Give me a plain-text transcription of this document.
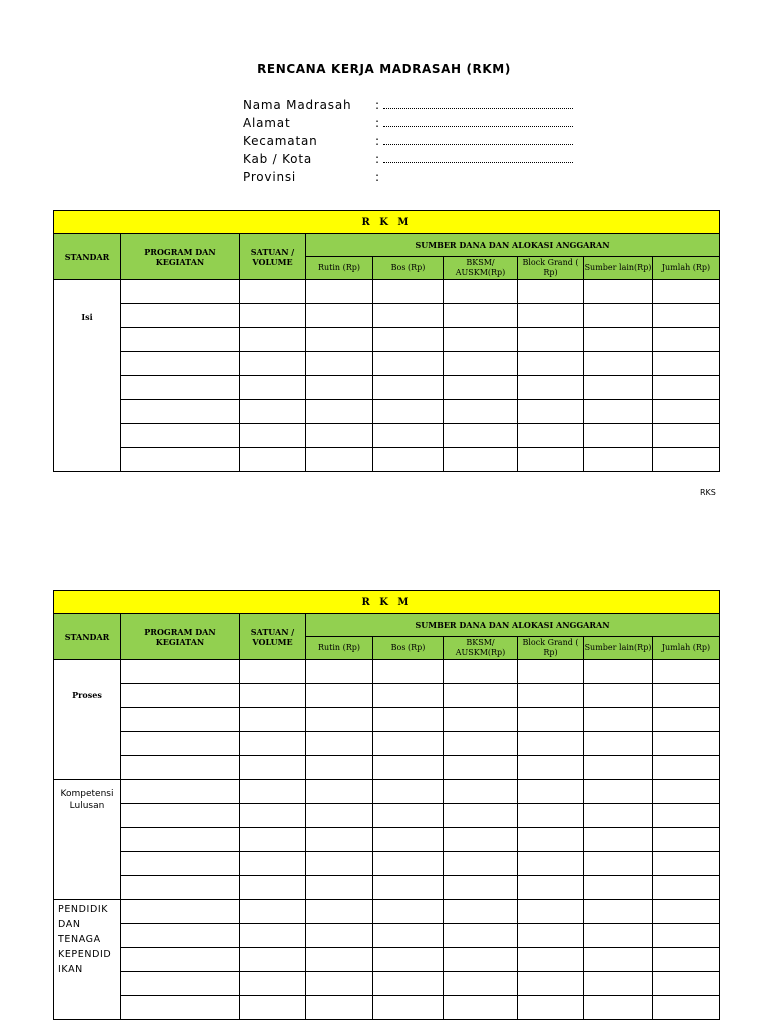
RENCANA KERJA MADRASAH (RKM)
Nama Madrasah :
Alamat	:
Kecamatan	:
Kab / Kota	:
Provinsi	:
R K M								
STANDAR	PROGRAM DAN KEGIATAN	SATUAN / VOLUME	SUMBER DANA DAN ALOKASI ANGGARAN					
			Rutin (Rp)	Bos (Rp)	BKSM/ AUSKM(Rp)	Block Grand ( Rp)	Sumber lain(Rp)	Jumlah (Rp)

Isi								

RKS
R K M								
STANDAR	PROGRAM DAN KEGIATAN	SATUAN / VOLUME	SUMBER DANA DAN ALOKASI ANGGARAN					
			Rutin (Rp)	Bos (Rp)	BKSM/ AUSKM(Rp)	Block Grand ( Rp)	Sumber lain(Rp)	Jumlah (Rp)

Proses								

Kompetensi Lulusan								

PENDIDIK DAN TENAGA KEPENDID IKAN								
